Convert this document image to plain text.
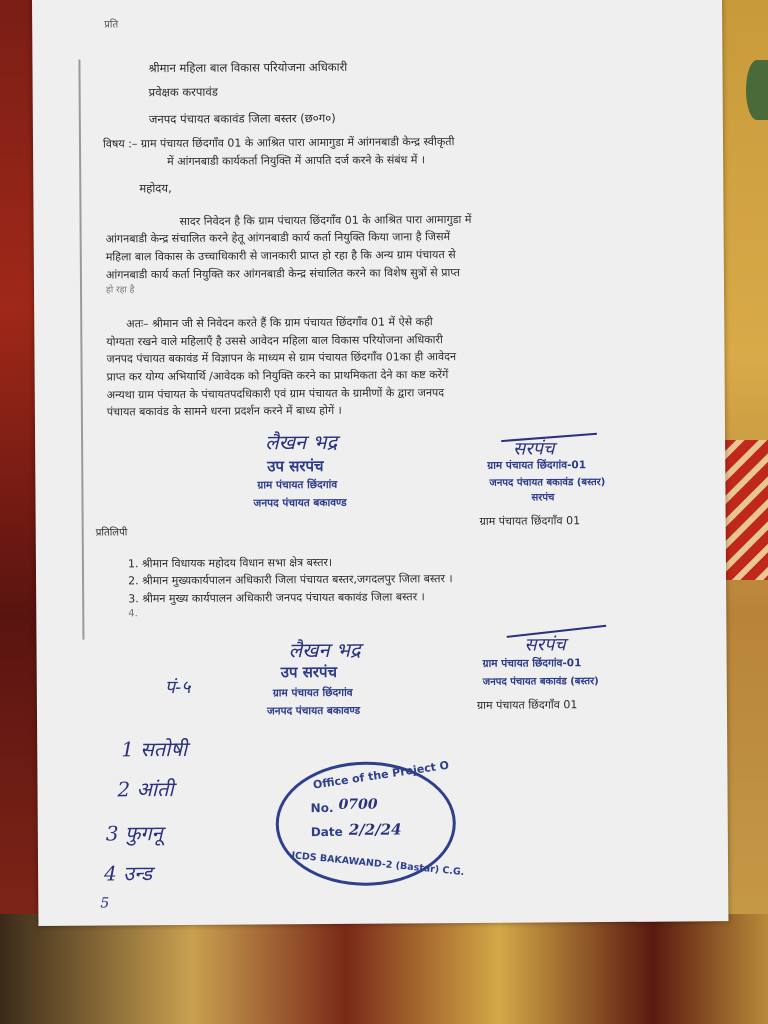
प्रति
श्रीमान महिला बाल विकास परियोजना अधिकारी
प्रवेक्षक करपावंड
जनपद पंचायत बकावंड जिला बस्तर (छ०ग०)
विषय :– ग्राम पंचायत छिंदगाँव 01 के आश्रित पारा आमागुडा में आंगनबाडी केन्द्र स्वीकृती
में आंगनबाडी कार्यकर्ता नियुक्ति में आपति दर्ज करने के संबंध में ।
महोदय,
सादर निवेदन है कि ग्राम पंचायत छिंदगाँव 01 के आश्रित पारा आमागुडा में
आंगनबाडी केन्द्र संचालित करने हेतू आंगनबाडी कार्य कर्ता नियुक्ति किया जाना है जिसमें
महिला बाल विकास के उच्चाधिकारी से जानकारी प्राप्त हो रहा है कि अन्य ग्राम पंचायत से
आंगनबाडी कार्य कर्ता नियुक्ति कर आंगनबाडी केन्द्र संचालित करने का विशेष सुत्रों से प्राप्त
हो रहा है
अतः– श्रीमान जी से निवेदन करते हैं कि ग्राम पंचायत छिंदगाँव 01 में ऐसे कही
योग्यता रखने वाले महिलाएँ है उससे आवेदन महिला बाल विकास परियोजना अधिकारी
जनपद पंचायत बकावंड में विज्ञापन के माध्यम से ग्राम पंचायत छिंदगाँव 01का ही आवेदन
प्राप्त कर योग्य अभियार्थि /आवेदक को नियुक्ति करने का प्राथमिकता देने का कष्ट करेंगें
अन्यथा ग्राम पंचायत के पंचायतपदधिकारी एवं ग्राम पंचायत के ग्रामीणों के द्वारा जनपद
पंचायत बकावंड के सामने धरना प्रदर्शन करने में बाध्य होगें ।
लैखन भद्र
उप सरपंच
ग्राम पंचायत छिंदगांव
जनपद पंचायत बकावण्ड
सरपंच
ग्राम पंचायत छिंदगांव-01
जनपद पंचायत बकावंड (बस्तर)
सरपंच
ग्राम पंचायत छिंदगाँव 01
प्रतिलिपी
1. श्रीमान विधायक महोदय विधान सभा क्षेत्र बस्तर।
2. श्रीमान मुख्यकार्यपालन अधिकारी जिला पंचायत बस्तर,जगदलपुर जिला बस्तर ।
3. श्रीमन मुख्य कार्यपालन अधिकारी जनपद पंचायत बकावंड जिला बस्तर ।
4.
लैखन भद्र
उप सरपंच
ग्राम पंचायत छिंदगांव
जनपद पंचायत बकावण्ड
सरपंच
ग्राम पंचायत छिंदगांव-01
जनपद पंचायत बकावंड (बस्तर)
ग्राम पंचायत छिंदगाँव 01
पं-५
1 सतोषी
2 आंती
3 फुगनू
4 उन्ड
5
Office of the Project O
No. 0700
Date 2/2/24
ICDS BAKAWAND-2 (Bastar) C.G.
